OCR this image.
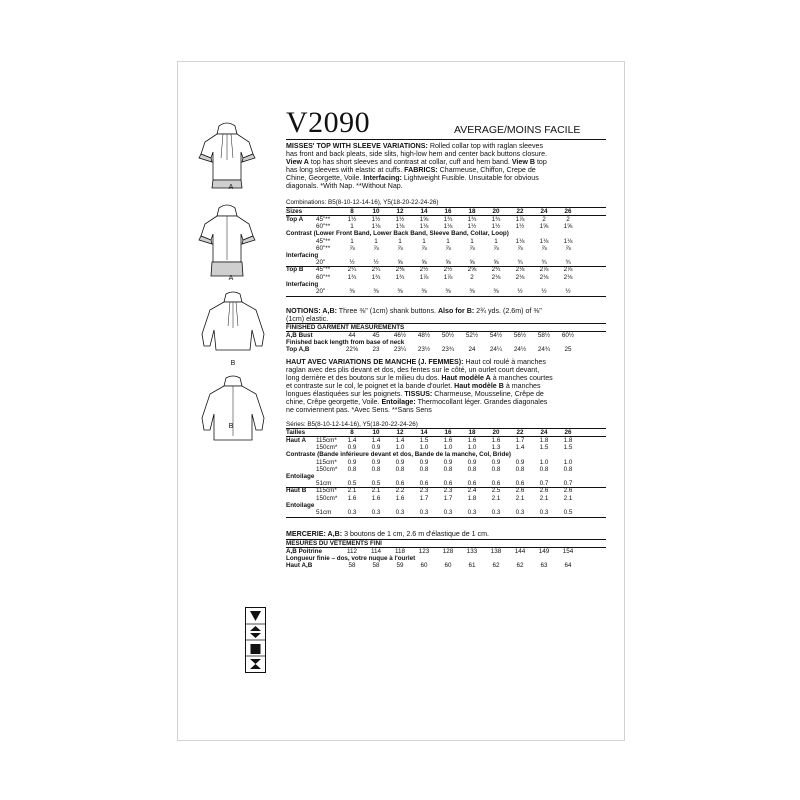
A
A
B
B
V2090	AVERAGE/MOINS FACILE
MISSES' TOP WITH SLEEVE VARIATIONS: Rolled collar top with raglan sleeves
has front and back pleats, side slits, high-low hem and center back buttons closure.
View A top has short sleeves and contrast at collar, cuff and hem band. View B top
has long sleeves with elastic at cuffs. FABRICS: Charmeuse, Chiffon, Crepe de
Chine, Georgette, Voile. Interfacing: Lightweight Fusible. Unsuitable for obvious
diagonals. *With Nap. **Without Nap.
Combinations: B5(8-10-12-14-16), Y5(18-20-22-24-26)
NOTIONS: A,B: Three ⅜" (1cm) shank buttons. Also for B: 2¾ yds. (2.6m) of ⅜"
(1cm) elastic.
HAUT AVEC VARIATIONS DE MANCHE (J. FEMMES): Haut col roulé à manches
raglan avec des plis devant et dos, des fentes sur le côté, un ourlet court devant,
long derrière et des boutons sur le milieu du dos. Haut modèle A à manches courtes
et contraste sur le col, le poignet et la bande d'ourlet. Haut modèle B à manches
longues élastiquées sur les poignets. TISSUS: Charmeuse, Mousseline, Crêpe de
chine, Crêpe georgette, Voile. Entoilage: Thermocollant léger. Grandes diagonales
ne conviennent pas. *Avec Sens. **Sans Sens
Séries: B5(8-10-12-14-16), Y5(18-20-22-24-26)
MERCERIE: A,B: 3 boutons de 1 cm, 2.6 m d'élastique de 1 cm.
Sizes	8	10	12	14	16	18	20	22	24	26
Top A 45"**	1½	1½	1½	1⅝	1¾	1¾	1¾	1⅞	2	2
60"**	1	1⅛	1⅛	1⅛	1⅛	1½	1½	1½	1⅝	1⅝
Contrast (Lower Front Band, Lower Back Band, Sleeve Band, Collar, Loop)
45"**	1	1	1	1	1	1	1	1⅛	1⅛	1⅛
60"**	⅞	⅞	⅞	⅞	⅞	⅞	⅞	⅞	⅞	⅞
Interfacing
20"	½	½	⅝	⅝	⅝	⅝	⅝	¾	¾	¾
Top B 45"**	2¼	2¼	2⅜	2½	2½	2⅝	2¾	2⅛	2⅞	2⅞
60"**	1¾	1¾	1¾	1⅞	1⅞	2	2⅛	2⅛	2⅛	2⅛
Interfacing
20"	⅜	⅜	⅜	⅜	⅜	⅜	⅜	½	½	½
FINISHED GARMENT MEASUREMENTS
A,B Bust	44	45	46½	48½	50½	52½	54½	56½	58½	60½
Finished back length from base of neck
Top A,B	22⅝	23	23¼	23½	23¾	24	24¼	24½	24¾	25
Tailles	8	10	12	14	16	18	20	22	24	26
Haut A 115cm*	1.4	1.4	1.4	1.5	1.6	1.6	1.6	1.7	1.8	1.8
150cm*	0.9	0.9	1.0	1.0	1.0	1.0	1.3	1.4	1.5	1.5
Contraste (Bande inférieure devant et dos, Bande de la manche, Col, Bride)
115cm*	0.9	0.9	0.9	0.9	0.9	0.9	0.9	0.9	1.0	1.0
150cm*	0.8	0.8	0.8	0.8	0.8	0.8	0.8	0.8	0.8	0.8
Entoilage
51cm	0.5	0.5	0.6	0.6	0.6	0.6	0.6	0.6	0.7	0.7
Haut B 115cm*	2.1	2.1	2.2	2.3	2.3	2.4	2.5	2.6	2.6	2.6
150cm*	1.6	1.6	1.6	1.7	1.7	1.8	2.1	2.1	2.1	2.1
Entoilage
51cm	0.3	0.3	0.3	0.3	0.3	0.3	0.3	0.3	0.3	0.5
MESURES DU VÊTEMENTS FINI
A,B Poitrine	112	114	118	123	128	133	138	144	149	154
Longueur finie – dos, votre nuque à l'ourlet
Haut A,B	58	58	59	60	60	61	62	62	63	64
